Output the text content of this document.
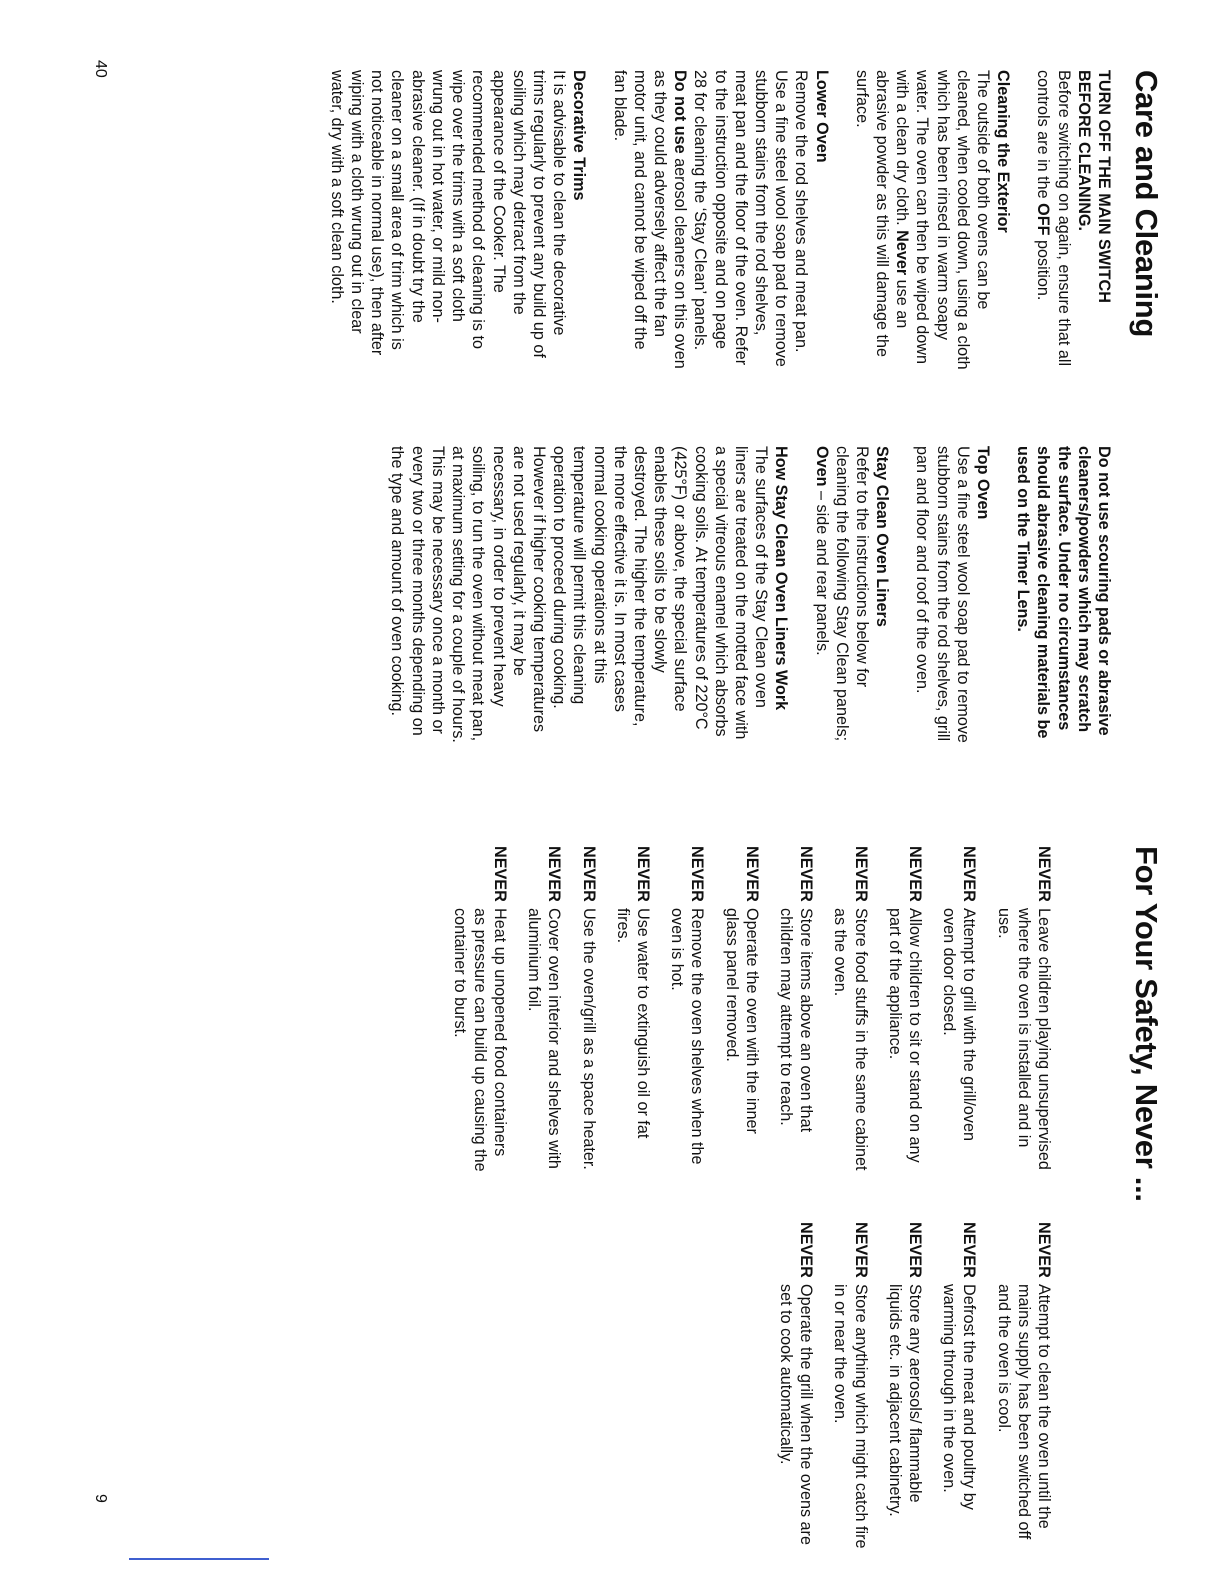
Care and Cleaning

TURN OFF THE MAIN SWITCH BEFORE CLEANING.
Before switching on again, ensure that all controls are in the OFF position.

Cleaning the Exterior

The outside of both ovens can be cleaned, when cooled down, using a cloth which has been rinsed in warm soapy water. The oven can then be wiped down with a clean dry cloth. Never use an abrasive powder as this will damage the surface.

Lower Oven

Remove the rod shelves and meat pan.

Use a fine steel wool soap pad to remove stubborn stains from the rod shelves, meat pan and the floor of the oven. Refer to the instruction opposite and on page 28 for cleaning the ‘Stay Clean’ panels.

Do not use aerosol cleaners on this oven as they could adversely affect the fan motor unit, and cannot be wiped off the fan blade.

Decorative Trims

It is advisable to clean the decorative trims regularly to prevent any build up of soiling which may detract from the appearance of the Cooker. The recommended method of cleaning is to wipe over the trims with a soft cloth wrung out in hot water, or mild non-abrasive cleaner. (If in doubt try the cleaner on a small area of trim which is not noticeable in normal use), then after wiping with a cloth wrung out in clear water, dry with a soft clean cloth.

Do not use scouring pads or abrasive cleaners/powders which may scratch the surface. Under no circumstances should abrasive cleaning materials be used on the Timer Lens.

Top Oven

Use a fine steel wool soap pad to remove stubborn stains from the rod shelves, grill pan and floor and roof of the oven.

Stay Clean Oven Liners

Refer to the instructions below for cleaning the following Stay Clean panels; Oven – side and rear panels.

How Stay Clean Oven Liners Work

The surfaces of the Stay Clean oven liners are treated on the motted face with a special vitreous enamel which absorbs cooking soils. At temperatures of 220°C (425°F) or above, the special surface enables these soils to be slowly destroyed. The higher the temperature, the more effective it is. In most cases normal cooking operations at this temperature will permit this cleaning operation to proceed during cooking.

However if higher cooking temperatures are not used regularly, it may be necessary, in order to prevent heavy soiling, to run the oven without meat pan, at maximum setting for a couple of hours. This may be necessary once a month or every two or three months depending on the type and amount of oven cooking.

40
For Your Safety, Never ...
NEVER
Leave children playing unsupervised where the oven is installed and in use.
NEVER
Attempt to grill with the grill/oven oven door closed.
NEVER
Allow children to sit or stand on any part of the appliance.
NEVER
Store food stuffs in the same cabinet as the oven.
NEVER
Store items above an oven that children may attempt to reach.
NEVER
Operate the oven with the inner glass panel removed.
NEVER
Remove the oven shelves when the oven is hot.
NEVER
Use water to extinguish oil or fat fires.
NEVER
Use the oven/grill as a space heater.
NEVER
Cover oven interior and shelves with aluminium foil.
NEVER
Heat up unopened food containers as pressure can build up causing the container to burst.
NEVER
Attempt to clean the oven until the mains supply has been switched off and the oven is cool.
NEVER
Defrost the meat and poultry by warming through in the oven.
NEVER
Store any aerosols/ flammable liquids etc. in adjacent cabinetry.
NEVER
Store anything which might catch fire in or near the oven.
NEVER
Operate the grill when the ovens are set to cook automatically.
9
